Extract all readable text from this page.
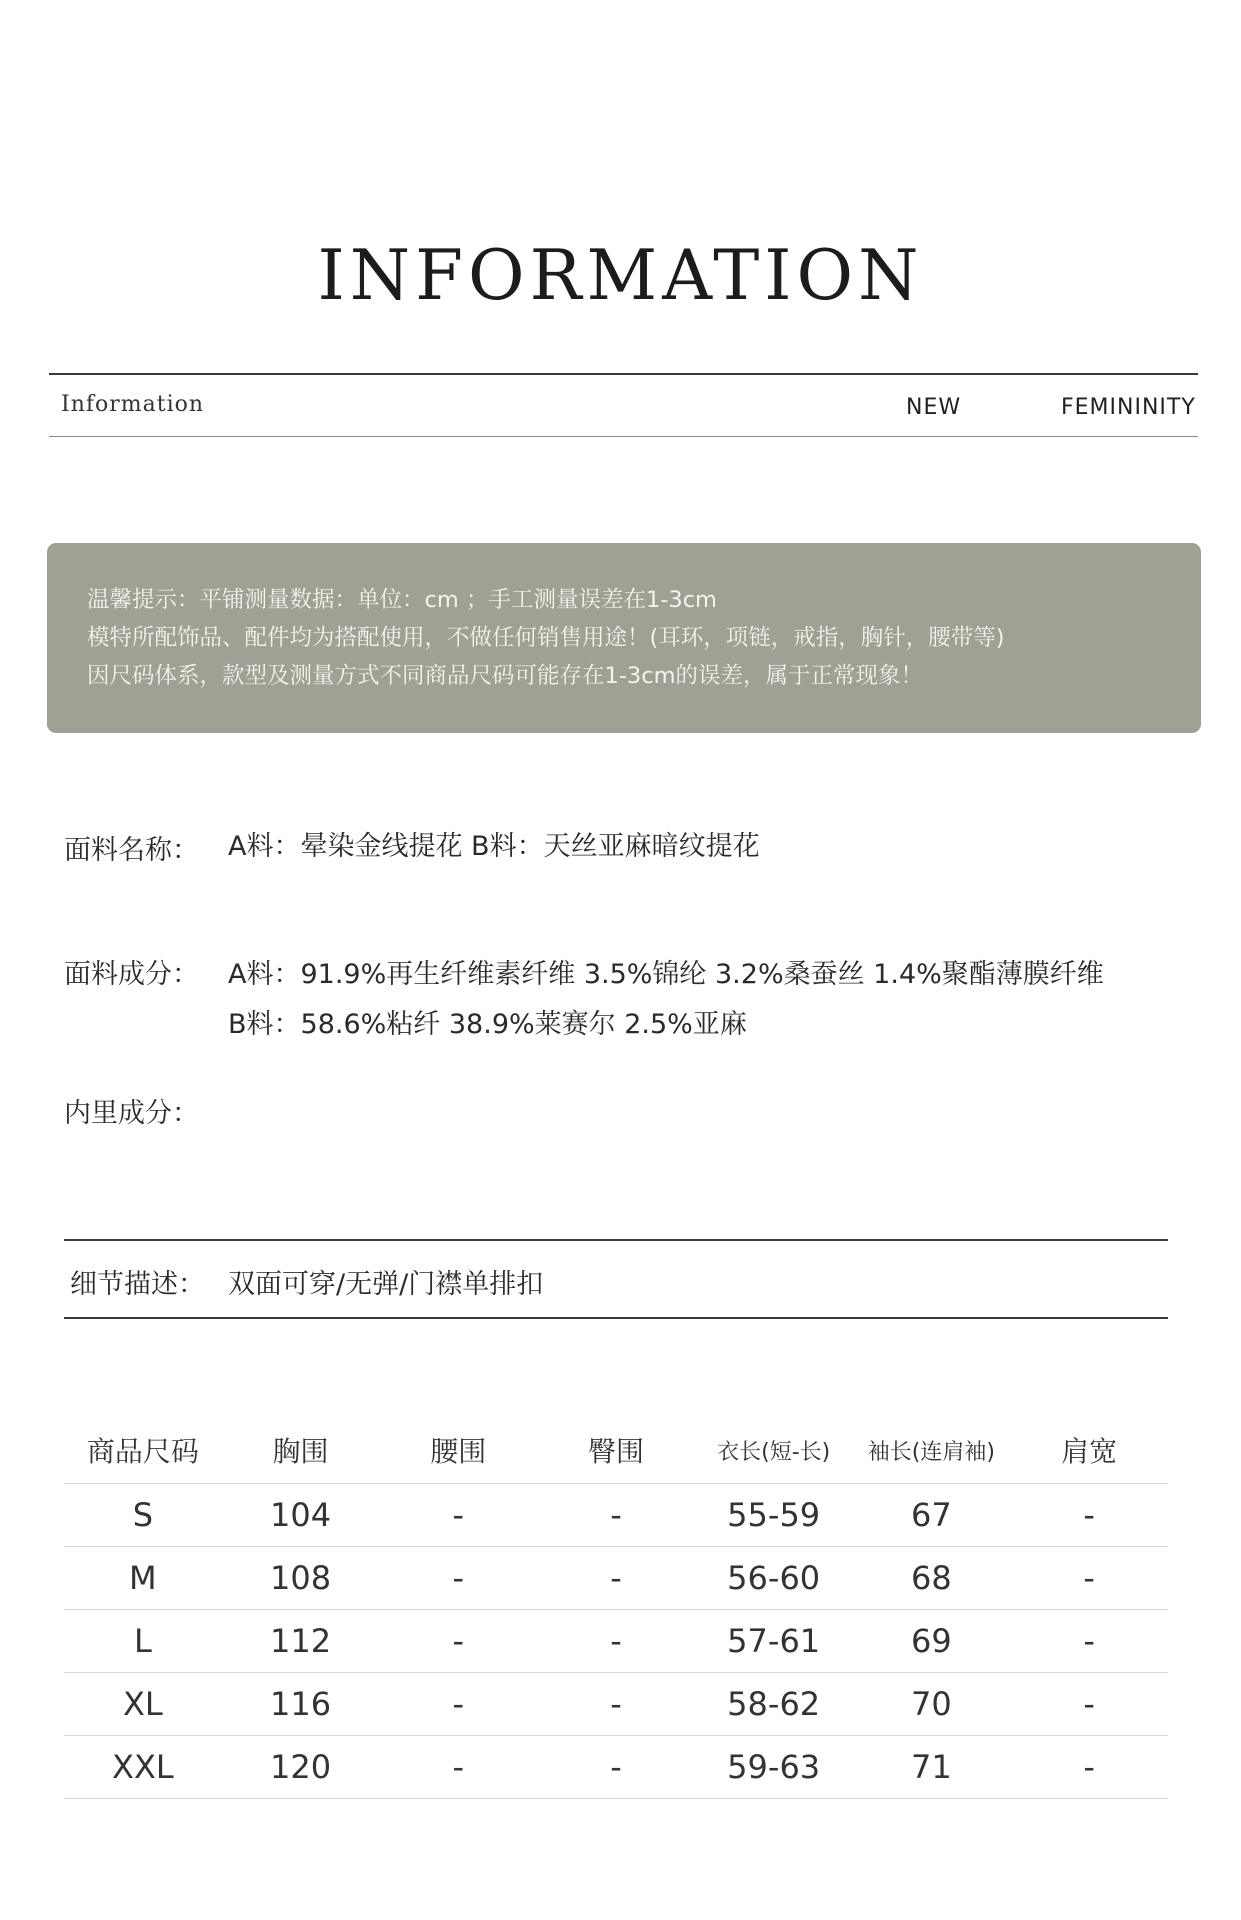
INFORMATION
Information	NEW	FEMININITY
温馨提示：平铺测量数据：单位：cm ；手工测量误差在1-3cm
模特所配饰品、配件均为搭配使用，不做任何销售用途！(耳环，项链，戒指，胸针，腰带等)
因尺码体系，款型及测量方式不同商品尺码可能存在1-3cm的误差，属于正常现象！
面料名称： A料：晕染金线提花 B料：天丝亚麻暗纹提花
面料成分： A料：91.9%再生纤维素纤维 3.5%锦纶 3.2%桑蚕丝 1.4%聚酯薄膜纤维
B料：58.6%粘纤 38.9%莱赛尔 2.5%亚麻
内里成分：
细节描述： 双面可穿/无弹/门襟单排扣
商品尺码	胸围	腰围	臀围	衣长(短-长)	袖长(连肩袖)	肩宽
S	104	-	-	55-59	67	-
M	108	-	-	56-60	68	-
L	112	-	-	57-61	69	-
XL	116	-	-	58-62	70	-
XXL	120	-	-	59-63	71	-
